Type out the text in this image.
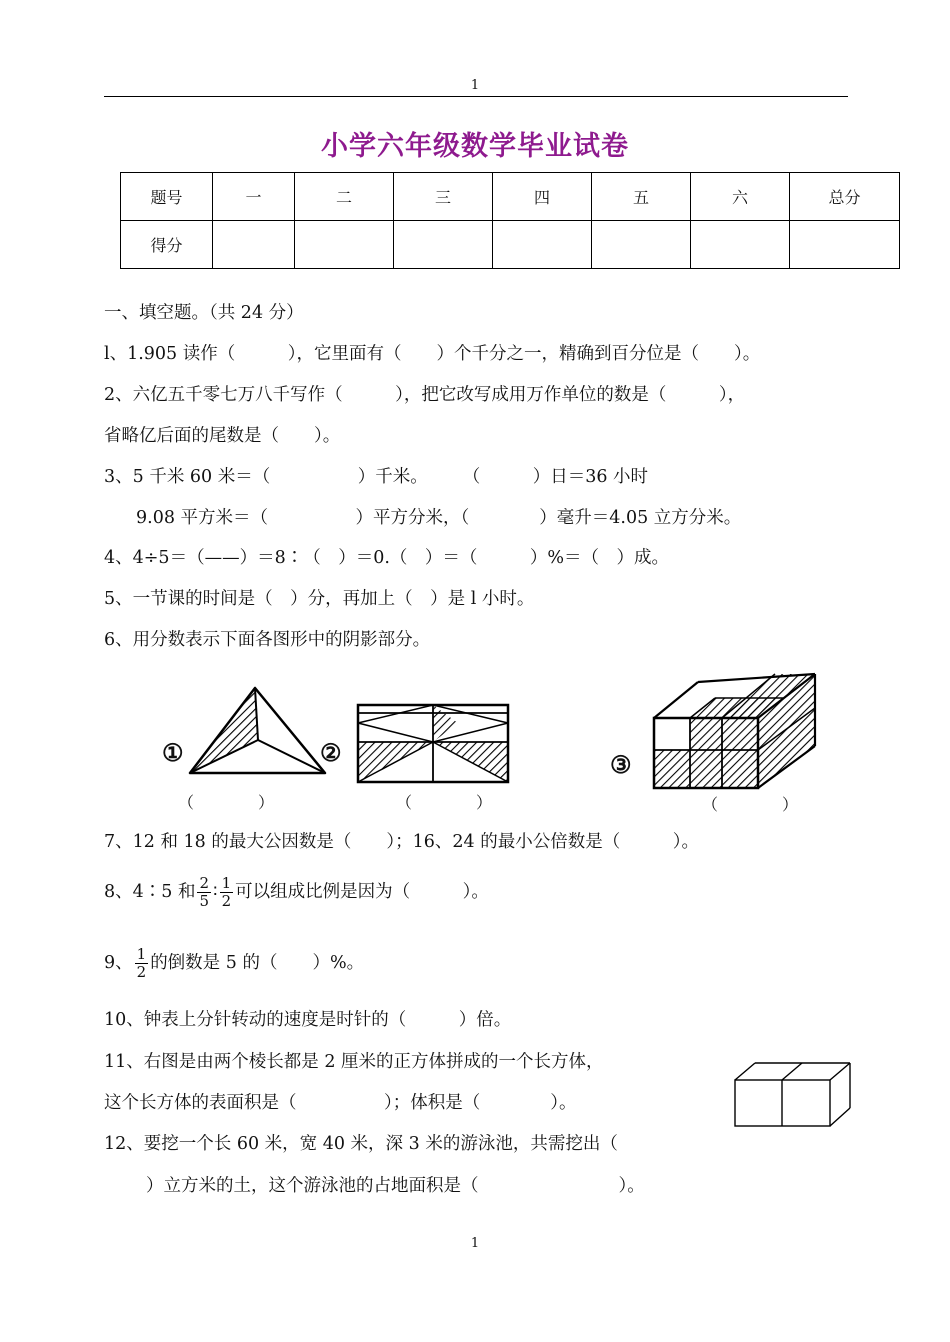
1
小学六年级数学毕业试卷
题号	一	二	三	四	五	六	总分
得分							
一、填空题。（共 24 分）
l、1.905 读作（　　　），它里面有（　　）个千分之一，精确到百分位是（　　）。
2、六亿五千零七万八千写作（　　　），把它改写成用万作单位的数是（　　　），
省略亿后面的尾数是（　　）。
3、5 千米 60 米＝（　　　　　）千米。　　　（　　　）日＝36 小时
9.08 平方米＝（　　　　　）平方分米，（　　　　）毫升＝4.05 立方分米。
4、4÷5＝（——）＝8∶（　）＝0.（　）＝（　　　）%＝（　）成。
5、一节课的时间是（　）分，再加上（　）是 l 小时。
6、用分数表示下面各图形中的阴影部分。
①	②	③
（　　　　）	（　　　　）	（　　　　）
7、12 和 18 的最大公因数是（　　）；16、24 的最小公倍数是（　　　）。
8、4∶5 和 $\frac{2}{5}$ ∶ $\frac{1}{2}$ 可以组成比例是因为（　　　）。
9、 $\frac{1}{2}$ 的倒数是 5 的（　　）%。
10、钟表上分针转动的速度是时针的（　　　）倍。
11、右图是由两个棱长都是 2 厘米的正方体拼成的一个长方体，
这个长方体的表面积是（　　　　　）；体积是（　　　　）。
12、要挖一个长 60 米，宽 40 米，深 3 米的游泳池，共需挖出（
）立方米的土，这个游泳池的占地面积是（　　　　　　　　）。
1
